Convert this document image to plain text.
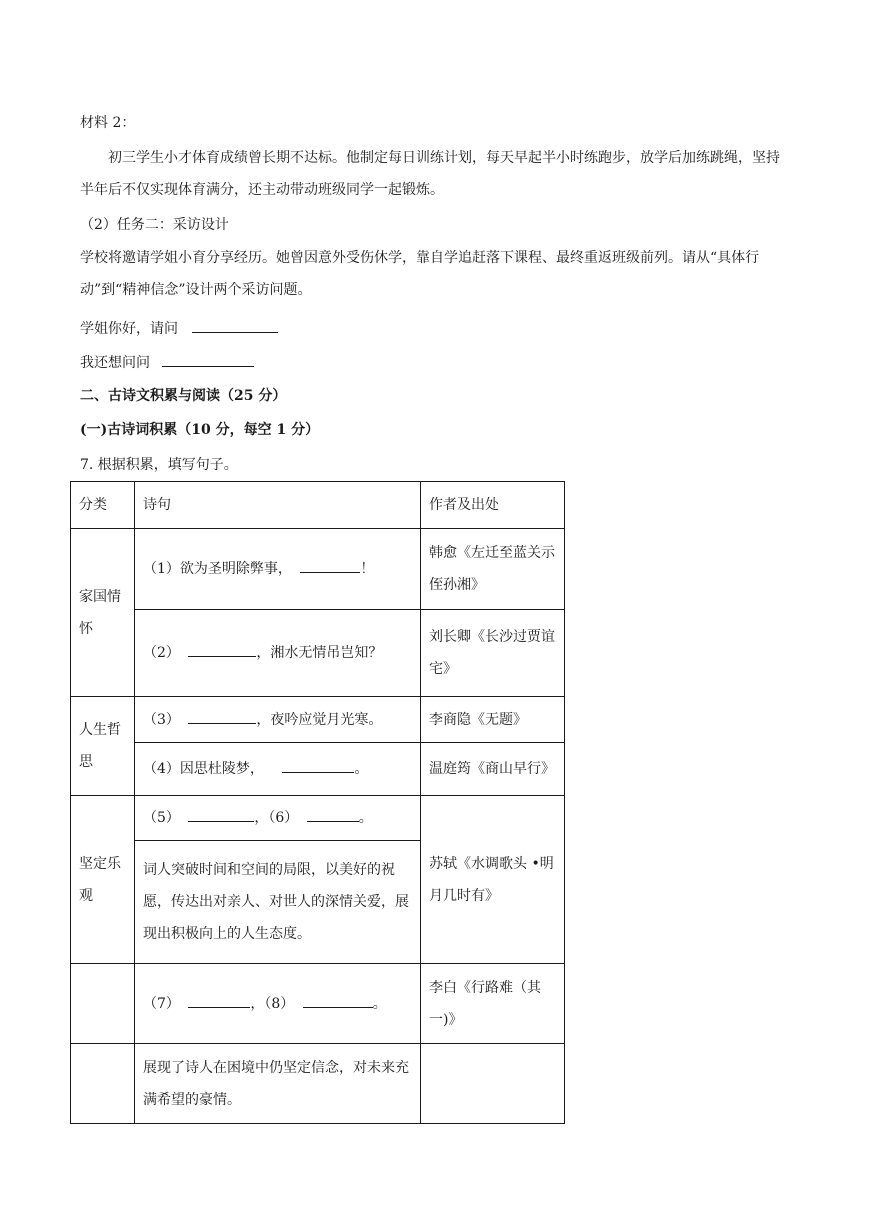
材料 2：
初三学生小才体育成绩曾长期不达标。他制定每日训练计划，每天早起半小时练跑步，放学后加练跳绳，坚持半年后不仅实现体育满分，还主动带动班级同学一起锻炼。
（2）任务二：采访设计
学校将邀请学姐小育分享经历。她曾因意外受伤休学，靠自学追赶落下课程、最终重返班级前列。请从“具体行动”到“精神信念”设计两个采访问题。
学姐你好，请问
我还想问问
二、古诗文积累与阅读（25 分）
(一)古诗词积累（10 分，每空 1 分）
7. 根据积累，填写句子。
分类	诗句	作者及出处
家国情怀	（1）欲为圣明除弊事， ！	韩愈《左迁至蓝关示侄孙湘》
	（2） ，湘水无情吊岂知？	刘长卿《长沙过贾谊宅》
人生哲思	（3） ，夜吟应觉月光寒。	李商隐《无题》
	（4）因思杜陵梦， 。	温庭筠《商山早行》
坚定乐观	（5） ，（6） 。	苏轼《水调歌头 •明月几时有》
	词人突破时间和空间的局限，以美好的祝愿，传达出对亲人、对世人的深情关爱，展现出积极向上的人生态度。	
	（7） ，（8） 。	李白《行路难（其一)》
	展现了诗人在困境中仍坚定信念，对未来充满希望的豪情。	
